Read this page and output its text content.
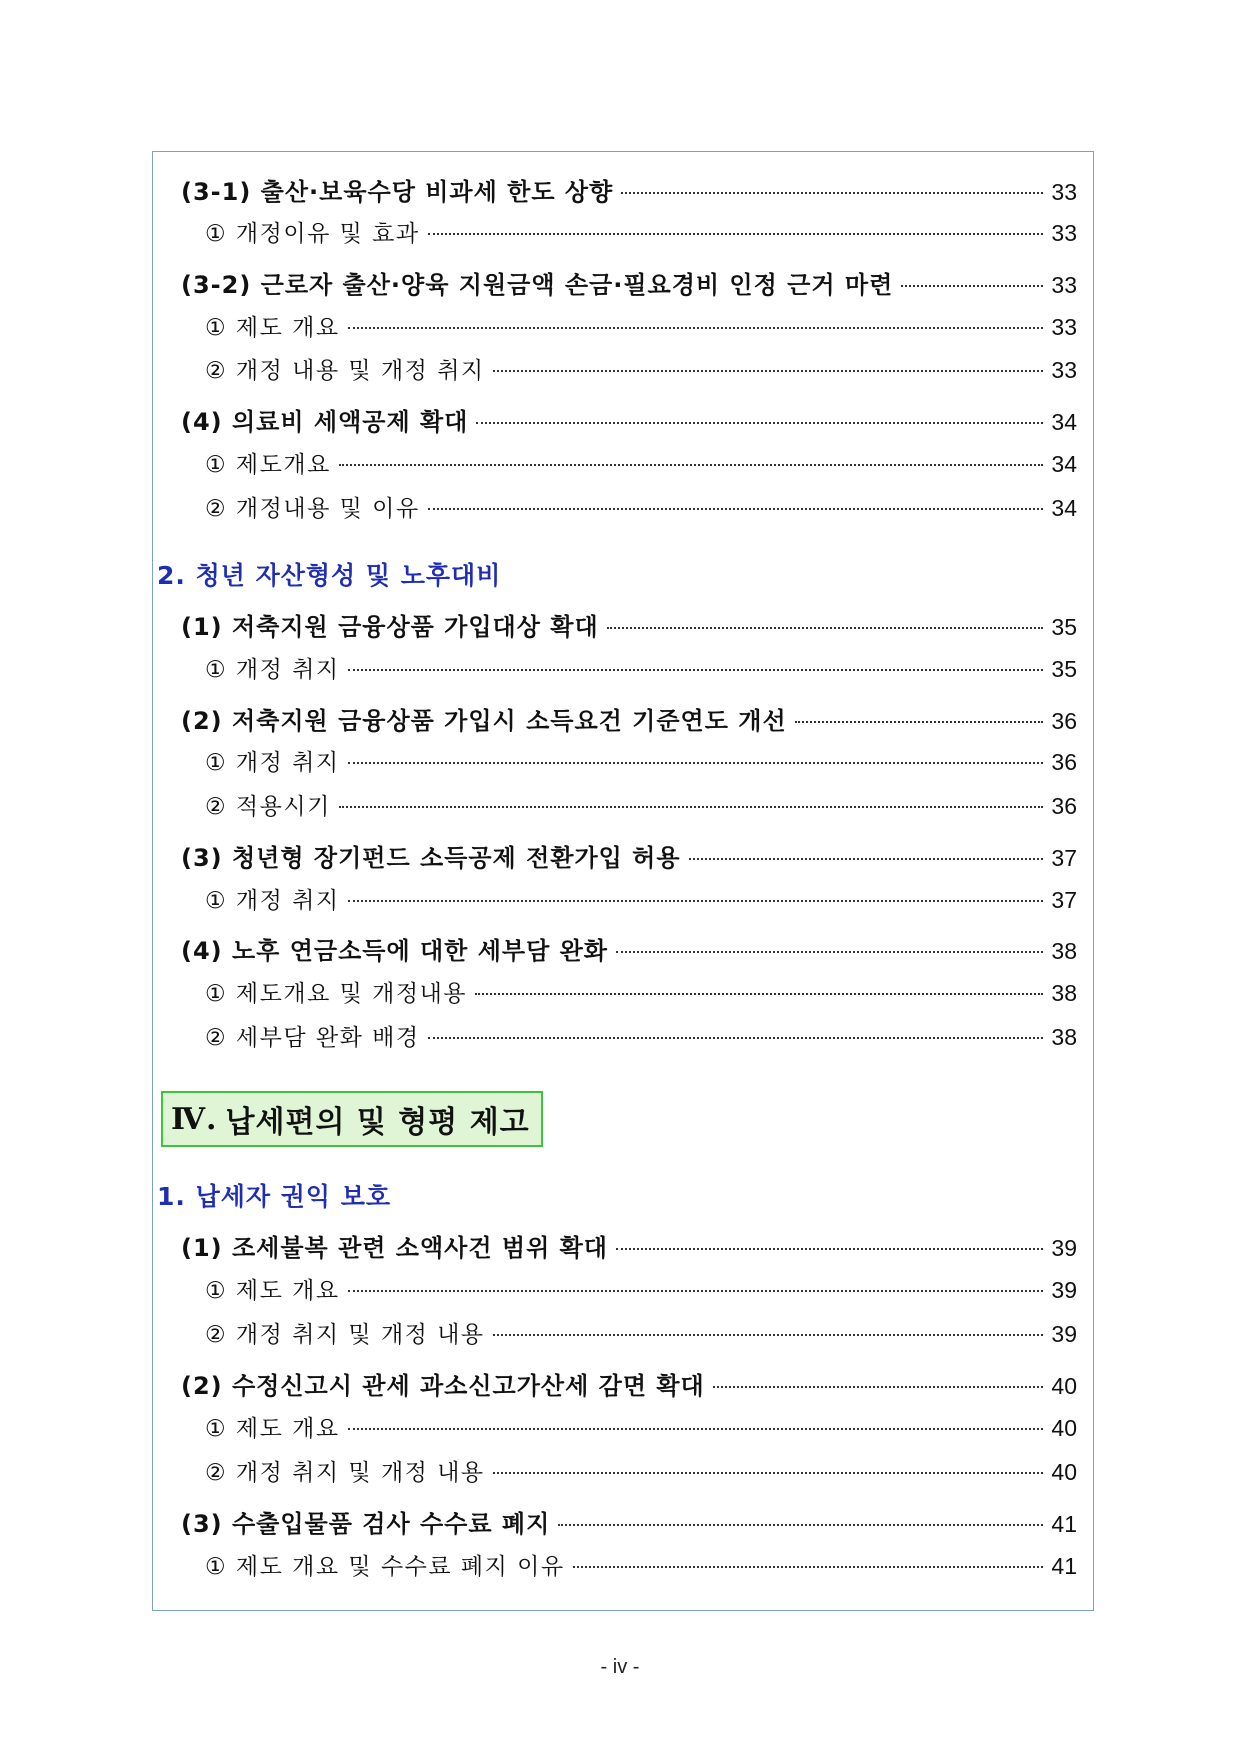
(3-1) 출산·보육수당 비과세 한도 상향	33
① 개정이유 및 효과	33
(3-2) 근로자 출산·양육 지원금액 손금·필요경비 인정 근거 마련	33
① 제도 개요	33
② 개정 내용 및 개정 취지	33
(4) 의료비 세액공제 확대	34
① 제도개요	34
② 개정내용 및 이유	34
2. 청년 자산형성 및 노후대비
(1) 저축지원 금융상품 가입대상 확대	35
① 개정 취지	35
(2) 저축지원 금융상품 가입시 소득요건 기준연도 개선	36
① 개정 취지	36
② 적용시기	36
(3) 청년형 장기펀드 소득공제 전환가입 허용	37
① 개정 취지	37
(4) 노후 연금소득에 대한 세부담 완화	38
① 제도개요 및 개정내용	38
② 세부담 완화 배경	38
Ⅳ. 납세편의 및 형평 제고
1. 납세자 권익 보호
(1) 조세불복 관련 소액사건 범위 확대	39
① 제도 개요	39
② 개정 취지 및 개정 내용	39
(2) 수정신고시 관세 과소신고가산세 감면 확대	40
① 제도 개요	40
② 개정 취지 및 개정 내용	40
(3) 수출입물품 검사 수수료 폐지	41
① 제도 개요 및 수수료 폐지 이유	41
- iv -
